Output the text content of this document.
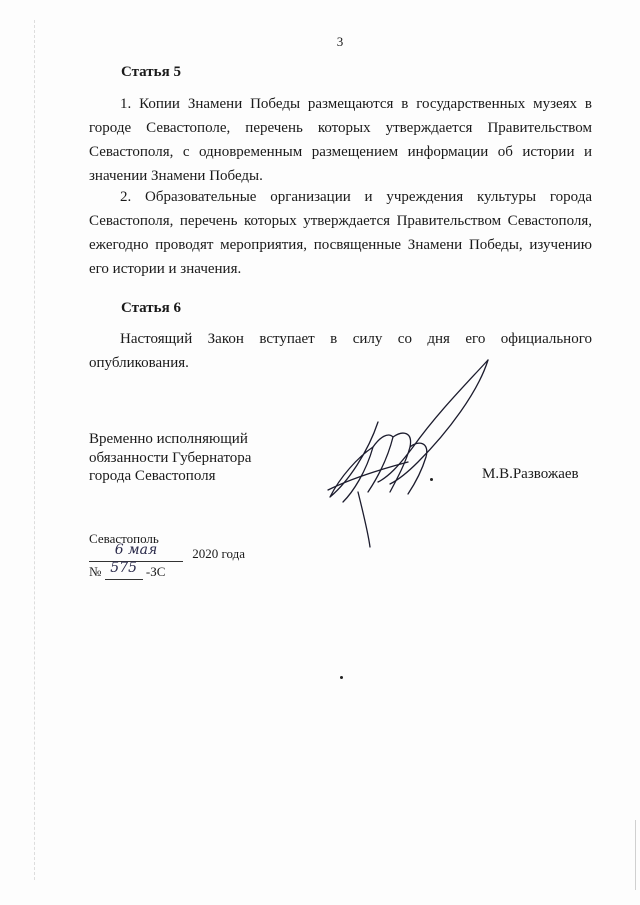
3
Статья 5
1. Копии Знамени Победы размещаются в государственных музеях в городе Севастополе, перечень которых утверждается Правительством Севастополя, с одновременным размещением информации об истории и значении Знамени Победы.
2. Образовательные организации и учреждения культуры города Севастополя, перечень которых утверждается Правительством Севастополя, ежегодно проводят мероприятия, посвященные Знамени Победы, изучению его истории и значения.
Статья 6
Настоящий Закон вступает в силу со дня его официального опубликования.
Временно исполняющий
обязанности Губернатора
города Севастополя	М.В.Развожаев
Севастополь
6 мая	2020 года
№ 575 -ЗС
